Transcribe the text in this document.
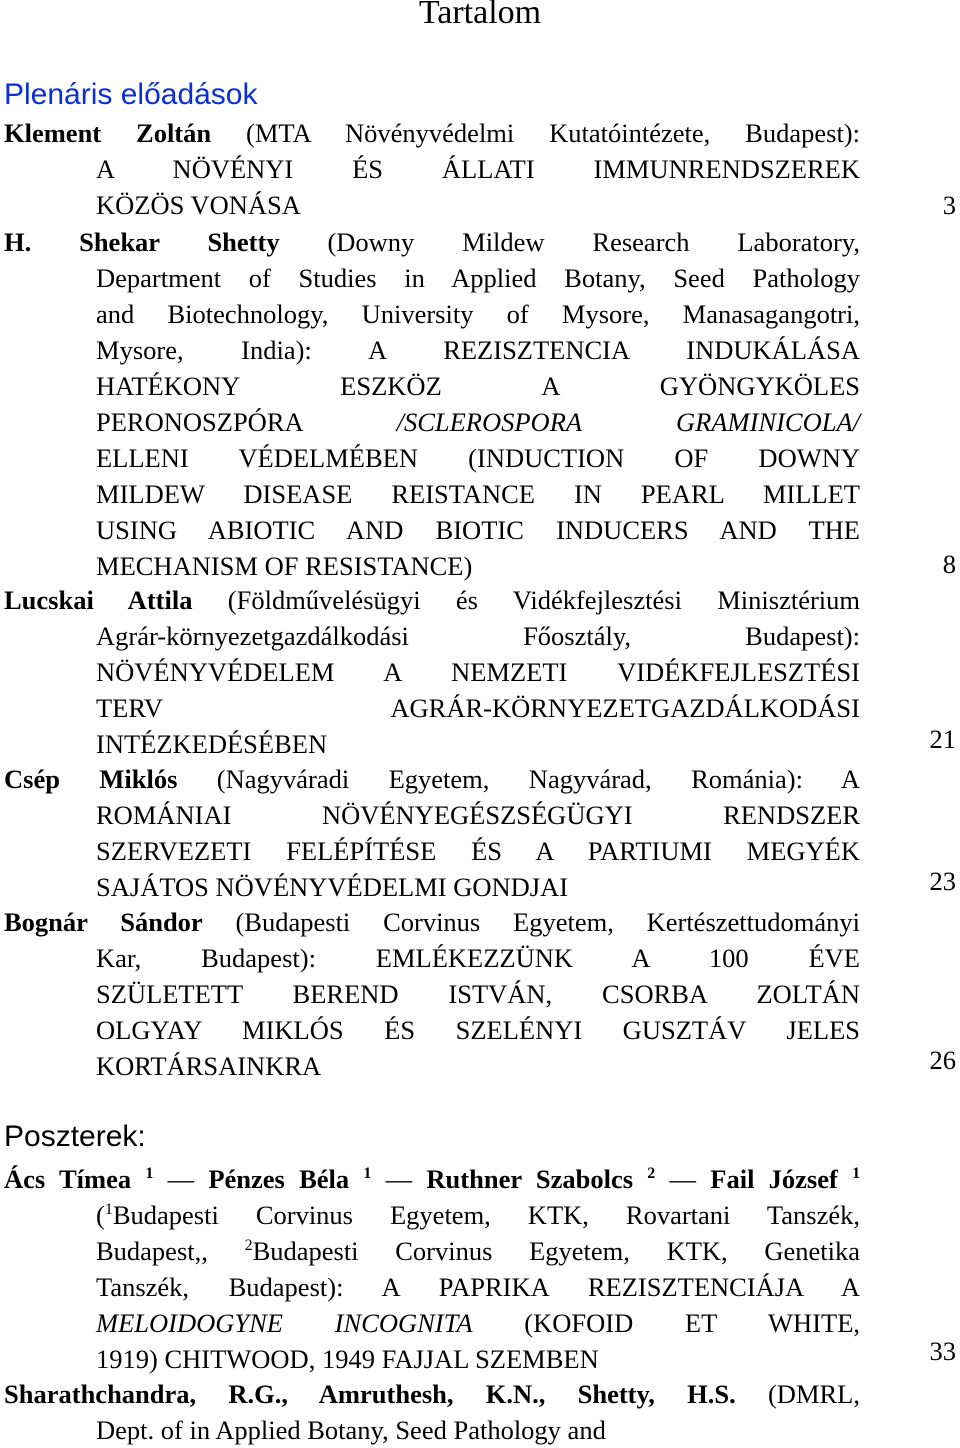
Tartalom
Plenáris előadások
Klement Zoltán (MTA Növényvédelmi Kutatóintézete, Budapest):
A NÖVÉNYI ÉS ÁLLATI IMMUNRENDSZEREK
KÖZÖS VONÁSA	3
H. Shekar Shetty (Downy Mildew Research Laboratory,
Department of Studies in Applied Botany, Seed Pathology
and Biotechnology, University of Mysore, Manasagangotri,
Mysore, India): A REZISZTENCIA INDUKÁLÁSA
HATÉKONY ESZKÖZ A GYÖNGYKÖLES
PERONOSZPÓRA	/SCLEROSPORA GRAMINICOLA/
ELLENI VÉDELMÉBEN (INDUCTION OF DOWNY
MILDEW DISEASE REISTANCE IN PEARL MILLET
USING ABIOTIC AND BIOTIC INDUCERS AND THE
MECHANISM OF RESISTANCE)	8
Lucskai Attila (Földművelésügyi és Vidékfejlesztési Minisztérium
Agrár-környezetgazdálkodási Főosztály, Budapest):
NÖVÉNYVÉDELEM A NEMZETI VIDÉKFEJLESZTÉSI
TERV AGRÁR-KÖRNYEZETGAZDÁLKODÁSI
INTÉZKEDÉSÉBEN	21
Csép Miklós (Nagyváradi Egyetem, Nagyvárad, Románia): A
ROMÁNIAI NÖVÉNYEGÉSZSÉGÜGYI RENDSZER
SZERVEZETI FELÉPÍTÉSE ÉS A PARTIUMI MEGYÉK
SAJÁTOS NÖVÉNYVÉDELMI GONDJAI	23
Bognár Sándor (Budapesti Corvinus Egyetem, Kertészettudományi
Kar, Budapest): EMLÉKEZZÜNK A 100 ÉVE
SZÜLETETT BEREND ISTVÁN, CSORBA ZOLTÁN
OLGYAY MIKLÓS ÉS SZELÉNYI GUSZTÁV JELES
KORTÁRSAINKRA	26
Poszterek:
Ács Tímea $^1$ — Pénzes Béla $^1$ — Ruthner Szabolcs $^2$ — Fail József $^1$
($^1$Budapesti Corvinus Egyetem, KTK, Rovartani Tanszék,
Budapest,, $^2$Budapesti Corvinus Egyetem, KTK, Genetika
Tanszék, Budapest): A PAPRIKA REZISZTENCIÁJA A
MELOIDOGYNE INCOGNITA (KOFOID ET WHITE,
1919) CHITWOOD, 1949 FAJJAL SZEMBEN	33
Sharathchandra, R.G., Amruthesh, K.N., Shetty, H.S. (DMRL,
Dept. of in Applied Botany, Seed Pathology and
